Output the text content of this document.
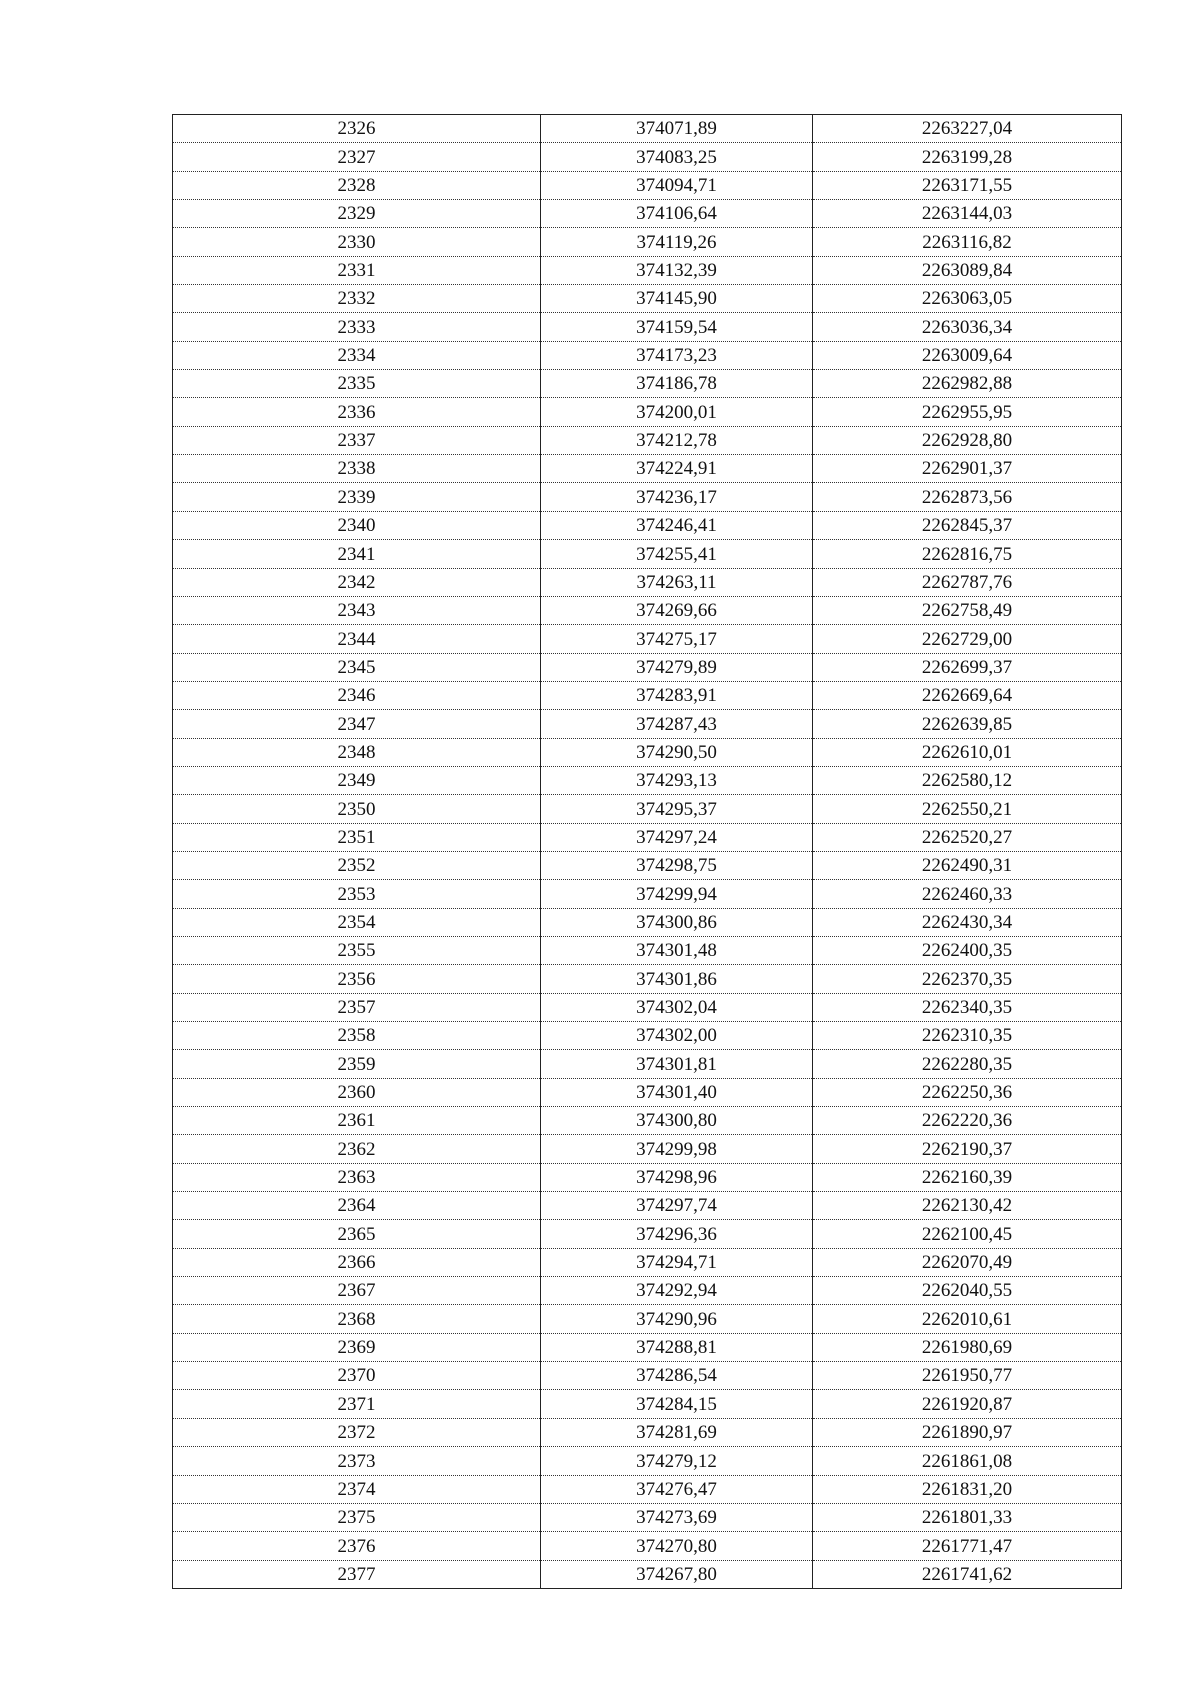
2326	374071,89	2263227,04
2327	374083,25	2263199,28
2328	374094,71	2263171,55
2329	374106,64	2263144,03
2330	374119,26	2263116,82
2331	374132,39	2263089,84
2332	374145,90	2263063,05
2333	374159,54	2263036,34
2334	374173,23	2263009,64
2335	374186,78	2262982,88
2336	374200,01	2262955,95
2337	374212,78	2262928,80
2338	374224,91	2262901,37
2339	374236,17	2262873,56
2340	374246,41	2262845,37
2341	374255,41	2262816,75
2342	374263,11	2262787,76
2343	374269,66	2262758,49
2344	374275,17	2262729,00
2345	374279,89	2262699,37
2346	374283,91	2262669,64
2347	374287,43	2262639,85
2348	374290,50	2262610,01
2349	374293,13	2262580,12
2350	374295,37	2262550,21
2351	374297,24	2262520,27
2352	374298,75	2262490,31
2353	374299,94	2262460,33
2354	374300,86	2262430,34
2355	374301,48	2262400,35
2356	374301,86	2262370,35
2357	374302,04	2262340,35
2358	374302,00	2262310,35
2359	374301,81	2262280,35
2360	374301,40	2262250,36
2361	374300,80	2262220,36
2362	374299,98	2262190,37
2363	374298,96	2262160,39
2364	374297,74	2262130,42
2365	374296,36	2262100,45
2366	374294,71	2262070,49
2367	374292,94	2262040,55
2368	374290,96	2262010,61
2369	374288,81	2261980,69
2370	374286,54	2261950,77
2371	374284,15	2261920,87
2372	374281,69	2261890,97
2373	374279,12	2261861,08
2374	374276,47	2261831,20
2375	374273,69	2261801,33
2376	374270,80	2261771,47
2377	374267,80	2261741,62
